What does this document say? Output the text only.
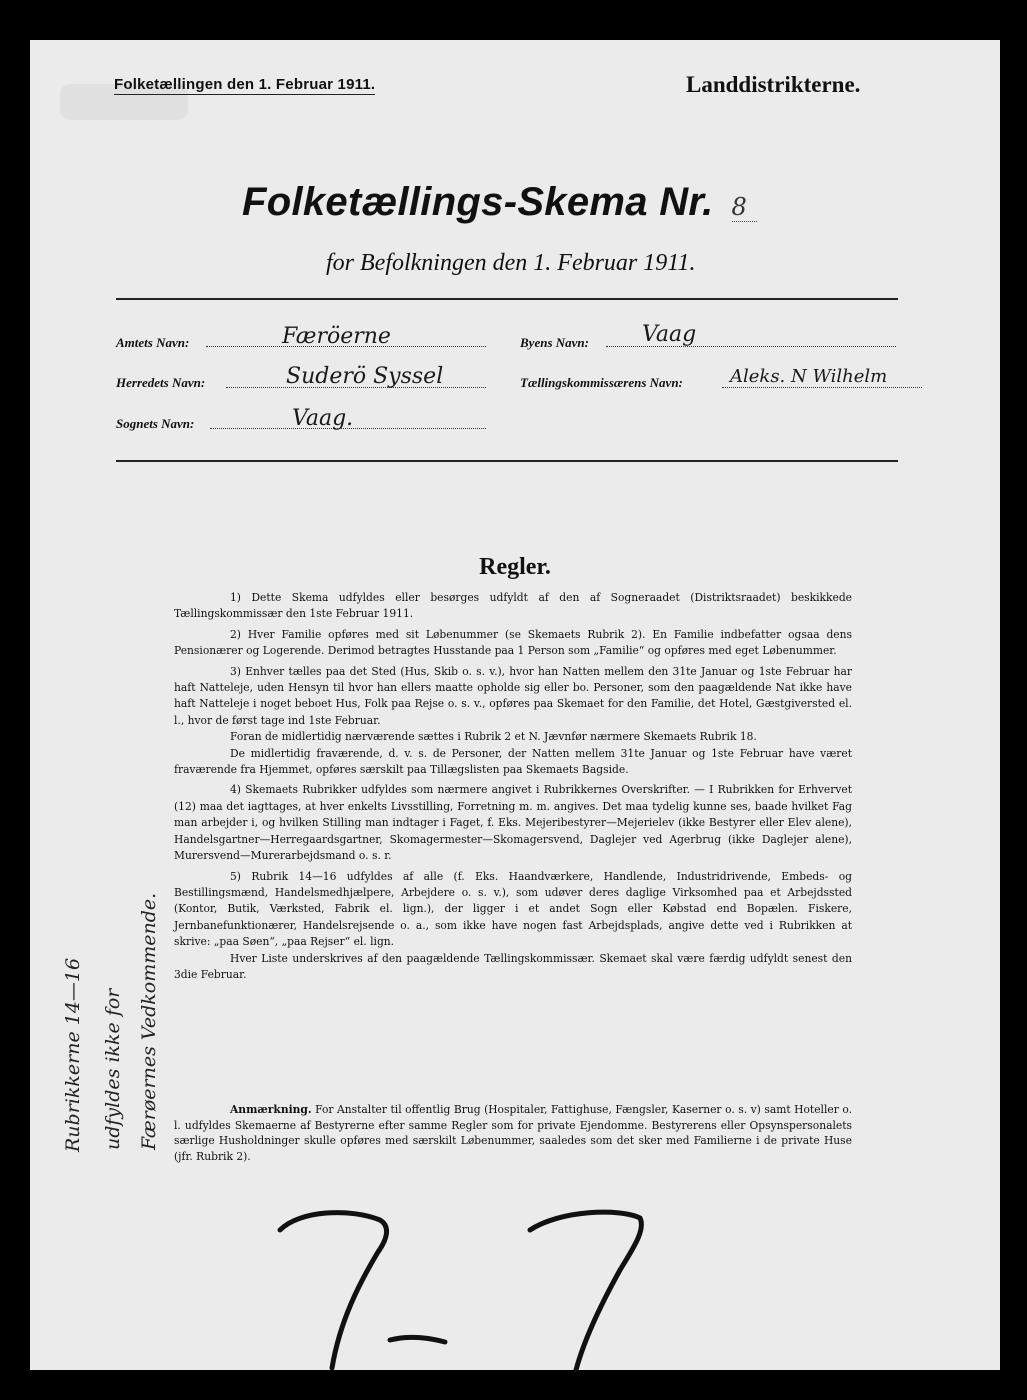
Folketællingen den 1. Februar 1911.	Landdistrikterne.
Folketællings-Skema Nr. 8
for Befolkningen den 1. Februar 1911.
Amtets Navn:	Færöerne
Herredets Navn:	Suderö Syssel
Sognets Navn:	Vaag.
Byens Navn: Vaag
Tællingskommissærens Navn:	Aleks. N Wilhelm
Regler.

1) Dette Skema udfyldes eller besørges udfyldt af den af Sogneraadet (Distriktsraadet) beskikkede Tællingskommissær den 1ste Februar 1911.

2) Hver Familie opføres med sit Løbenummer (se Skemaets Rubrik 2). En Familie indbefatter ogsaa dens Pensionærer og Logerende. Derimod betragtes Husstande paa 1 Person som „Familie“ og opføres med eget Løbenummer.

3) Enhver tælles paa det Sted (Hus, Skib o. s. v.), hvor han Natten mellem den 31te Januar og 1ste Februar har haft Natteleje, uden Hensyn til hvor han ellers maatte opholde sig eller bo. Personer, som den paagældende Nat ikke have haft Natteleje i noget beboet Hus, Folk paa Rejse o. s. v., opføres paa Skemaet for den Familie, det Hotel, Gæstgiversted el. l., hvor de først tage ind 1ste Februar.

Foran de midlertidig nærværende sættes i Rubrik 2 et N. Jævnfør nærmere Skemaets Rubrik 18.

De midlertidig fraværende, d. v. s. de Personer, der Natten mellem 31te Januar og 1ste Februar have været fraværende fra Hjemmet, opføres særskilt paa Tillægslisten paa Skemaets Bagside.

4) Skemaets Rubrikker udfyldes som nærmere angivet i Rubrikkernes Overskrifter. — I Rubrikken for Erhvervet (12) maa det iagttages, at hver enkelts Livsstilling, Forretning m. m. angives. Det maa tydelig kunne ses, baade hvilket Fag man arbejder i, og hvilken Stilling man indtager i Faget, f. Eks. Mejeribestyrer—Mejerielev (ikke Bestyrer eller Elev alene), Handelsgartner—Herregaardsgartner, Skomagermester—Skomagersvend, Daglejer ved Agerbrug (ikke Daglejer alene), Murersvend—Murerarbejdsmand o. s. r.

5) Rubrik 14—16 udfyldes af alle (f. Eks. Haandværkere, Handlende, Industridrivende, Embeds- og Bestillingsmænd, Handelsmedhjælpere, Arbejdere o. s. v.), som udøver deres daglige Virksomhed paa et Arbejdssted (Kontor, Butik, Værksted, Fabrik el. lign.), der ligger i et andet Sogn eller Købstad end Bopælen. Fiskere, Jernbanefunktionærer, Handelsrejsende o. a., som ikke have nogen fast Arbejdsplads, angive dette ved i Rubrikken at skrive: „paa Søen“, „paa Rejser“ el. lign.

Hver Liste underskrives af den paagældende Tællingskommissær. Skemaet skal være færdig udfyldt senest den 3die Februar.

Anmærkning. For Anstalter til offentlig Brug (Hospitaler, Fattighuse, Fængsler, Kaserner o. s. v) samt Hoteller o. l. udfyldes Skemaerne af Bestyrerne efter samme Regler som for private Ejendomme. Bestyrerens eller Opsynspersonalets særlige Husholdninger skulle opføres med særskilt Løbenummer, saaledes som det sker med Familierne i de private Huse (jfr. Rubrik 2).
Rubrikkerne 14—16 udfyldes ikke for Færøernes Vedkommende.
